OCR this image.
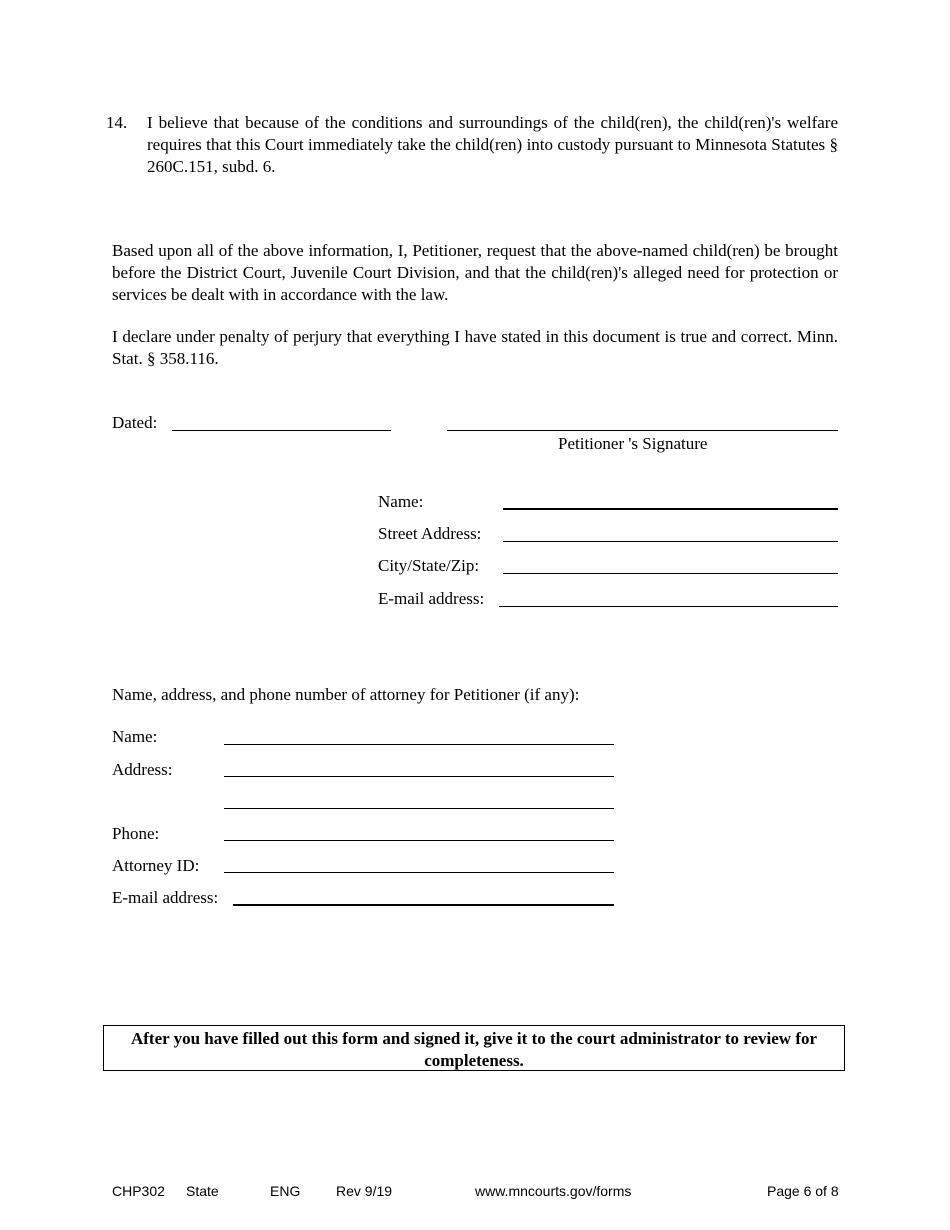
14. I believe that because of the conditions and surroundings of the child(ren), the child(ren)'s welfare requires that this Court immediately take the child(ren) into custody pursuant to Minnesota Statutes § 260C.151, subd. 6.
Based upon all of the above information, I, Petitioner, request that the above-named child(ren) be brought before the District Court, Juvenile Court Division, and that the child(ren)'s alleged need for protection or services be dealt with in accordance with the law.
I declare under penalty of perjury that everything I have stated in this document is true and correct. Minn. Stat. § 358.116.
Dated:
Petitioner 's Signature
Name:
Street Address:
City/State/Zip:
E-mail address:
Name, address, and phone number of attorney for Petitioner (if any):
Name:
Address:
Phone:
Attorney ID:
E-mail address:
After you have filled out this form and signed it, give it to the court administrator to review for completeness.
CHP302 State	ENG	Rev 9/19	www.mncourts.gov/forms	Page 6 of 8
